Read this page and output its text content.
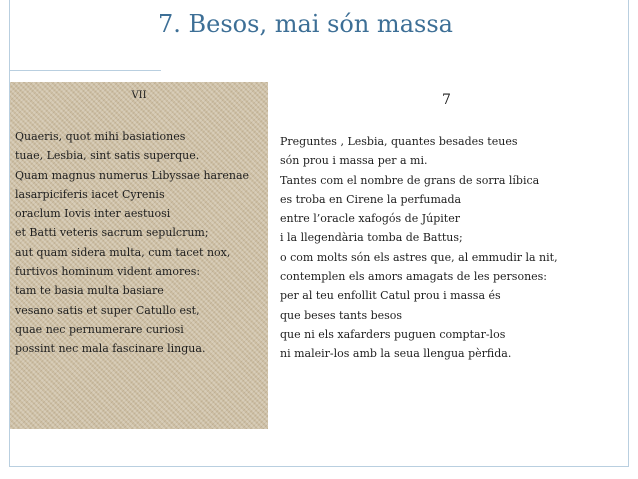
7. Besos, mai són massa
VII
Quaeris, quot mihi basiationes
tuae, Lesbia, sint satis superque.
Quam magnus numerus Libyssae harenae
lasarpiciferis iacet Cyrenis
oraclum Iovis inter aestuosi
et Batti veteris sacrum sepulcrum;
aut quam sidera multa, cum tacet nox,
furtivos hominum vident amores:
tam te basia multa basiare
vesano satis et super Catullo est,
quae nec pernumerare curiosi
possint nec mala fascinare lingua.
7
Preguntes , Lesbia, quantes besades teues
són prou i massa per a mi.
Tantes com el nombre de grans de sorra líbica
es troba en Cirene la perfumada
entre l’oracle xafogós de Júpiter
i la llegendària tomba de Battus;
o com molts són els astres que, al emmudir la nit,
contemplen els amors amagats de les persones:
per al teu enfollit Catul prou i massa és
que beses tants besos
que ni els xafarders puguen comptar-los
ni maleir-los amb la seua llengua pèrfida.
